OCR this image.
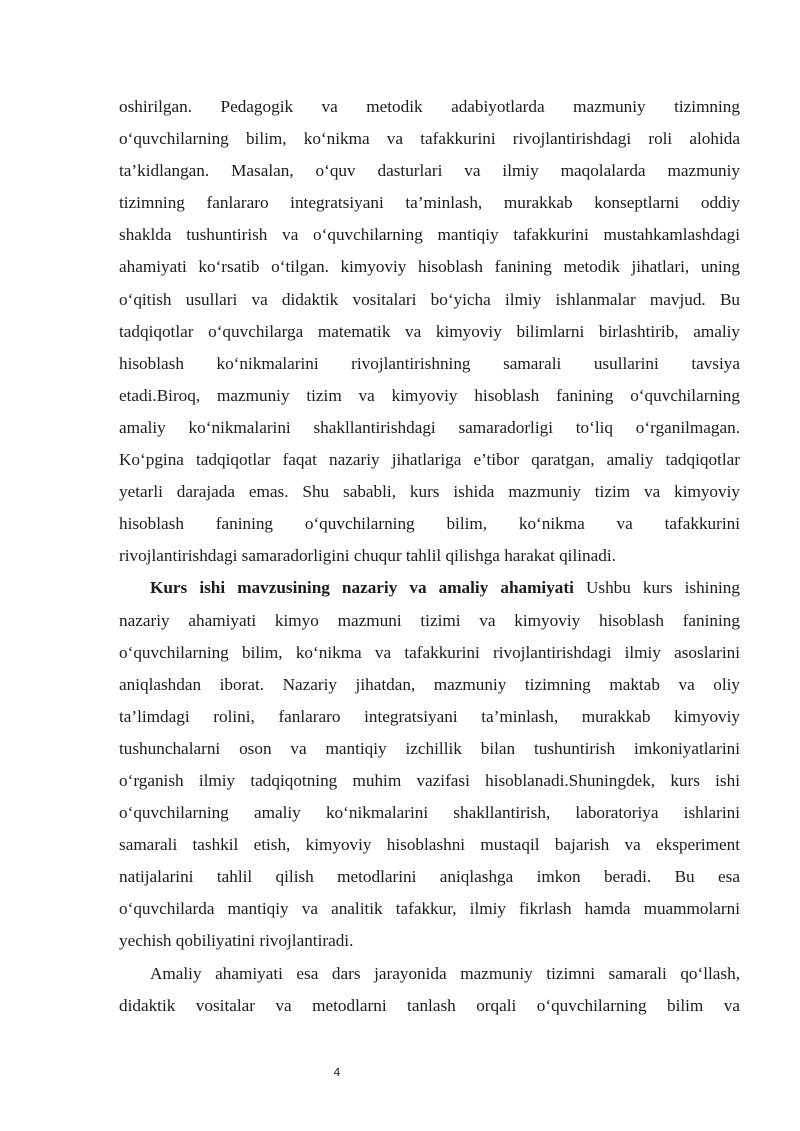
oshirilgan. Pedagogik va metodik adabiyotlarda mazmuniy tizimning
o‘quvchilarning bilim, ko‘nikma va tafakkurini rivojlantirishdagi roli alohida
ta’kidlangan. Masalan, o‘quv dasturlari va ilmiy maqolalarda mazmuniy
tizimning fanlararo integratsiyani ta’minlash, murakkab konseptlarni oddiy
shaklda tushuntirish va o‘quvchilarning mantiqiy tafakkurini mustahkamlashdagi
ahamiyati ko‘rsatib o‘tilgan. kimyoviy hisoblash fanining metodik jihatlari, uning
o‘qitish usullari va didaktik vositalari bo‘yicha ilmiy ishlanmalar mavjud. Bu
tadqiqotlar o‘quvchilarga matematik va kimyoviy bilimlarni birlashtirib, amaliy
hisoblash ko‘nikmalarini rivojlantirishning samarali usullarini tavsiya
etadi.Biroq, mazmuniy tizim va kimyoviy hisoblash fanining o‘quvchilarning
amaliy ko‘nikmalarini shakllantirishdagi samaradorligi to‘liq o‘rganilmagan.
Ko‘pgina tadqiqotlar faqat nazariy jihatlariga e’tibor qaratgan, amaliy tadqiqotlar
yetarli darajada emas. Shu sababli, kurs ishida mazmuniy tizim va kimyoviy
hisoblash fanining o‘quvchilarning bilim, ko‘nikma va tafakkurini
rivojlantirishdagi samaradorligini chuqur tahlil qilishga harakat qilinadi.
Kurs ishi mavzusining nazariy va amaliy ahamiyati Ushbu kurs ishining
nazariy ahamiyati kimyo mazmuni tizimi va kimyoviy hisoblash fanining
o‘quvchilarning bilim, ko‘nikma va tafakkurini rivojlantirishdagi ilmiy asoslarini
aniqlashdan iborat. Nazariy jihatdan, mazmuniy tizimning maktab va oliy
ta’limdagi rolini, fanlararo integratsiyani ta’minlash, murakkab kimyoviy
tushunchalarni oson va mantiqiy izchillik bilan tushuntirish imkoniyatlarini
o‘rganish ilmiy tadqiqotning muhim vazifasi hisoblanadi.Shuningdek, kurs ishi
o‘quvchilarning amaliy ko‘nikmalarini shakllantirish, laboratoriya ishlarini
samarali tashkil etish, kimyoviy hisoblashni mustaqil bajarish va eksperiment
natijalarini tahlil qilish metodlarini aniqlashga imkon beradi. Bu esa
o‘quvchilarda mantiqiy va analitik tafakkur, ilmiy fikrlash hamda muammolarni
yechish qobiliyatini rivojlantiradi.
Amaliy ahamiyati esa dars jarayonida mazmuniy tizimni samarali qo‘llash,
didaktik vositalar va metodlarni tanlash orqali o‘quvchilarning bilim va
4
